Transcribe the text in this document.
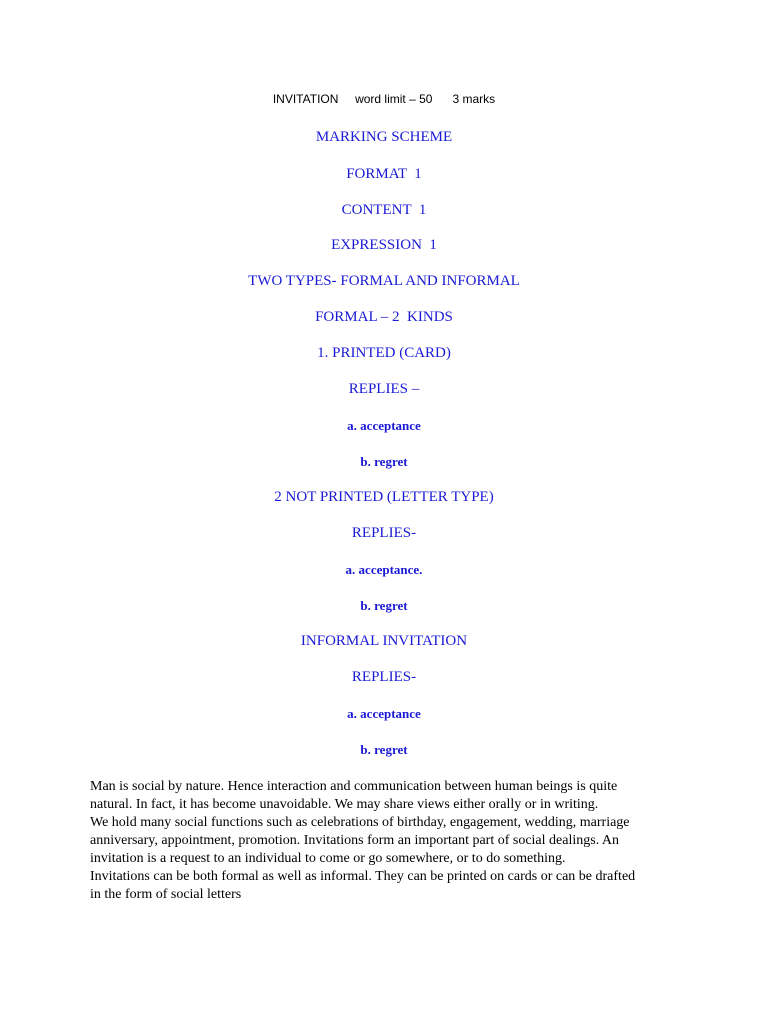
INVITATION word limit – 50 3 marks
MARKING SCHEME
FORMAT  1
CONTENT  1
EXPRESSION  1
TWO TYPES- FORMAL AND INFORMAL
FORMAL – 2  KINDS
1. PRINTED (CARD)
REPLIES –
a. acceptance
b. regret
2 NOT PRINTED (LETTER TYPE)
REPLIES-
a. acceptance.
b. regret
INFORMAL INVITATION
REPLIES-
a. acceptance
b. regret
Man is social by nature. Hence interaction and communication between human beings is quite
natural. In fact, it has become unavoidable. We may share views either orally or in writing.
We hold many social functions such as celebrations of birthday, engagement, wedding, marriage
anniversary, appointment, promotion. Invitations form an important part of social dealings. An
invitation is a request to an individual to come or go somewhere, or to do something.
Invitations can be both formal as well as informal. They can be printed on cards or can be drafted
in the form of social letters
